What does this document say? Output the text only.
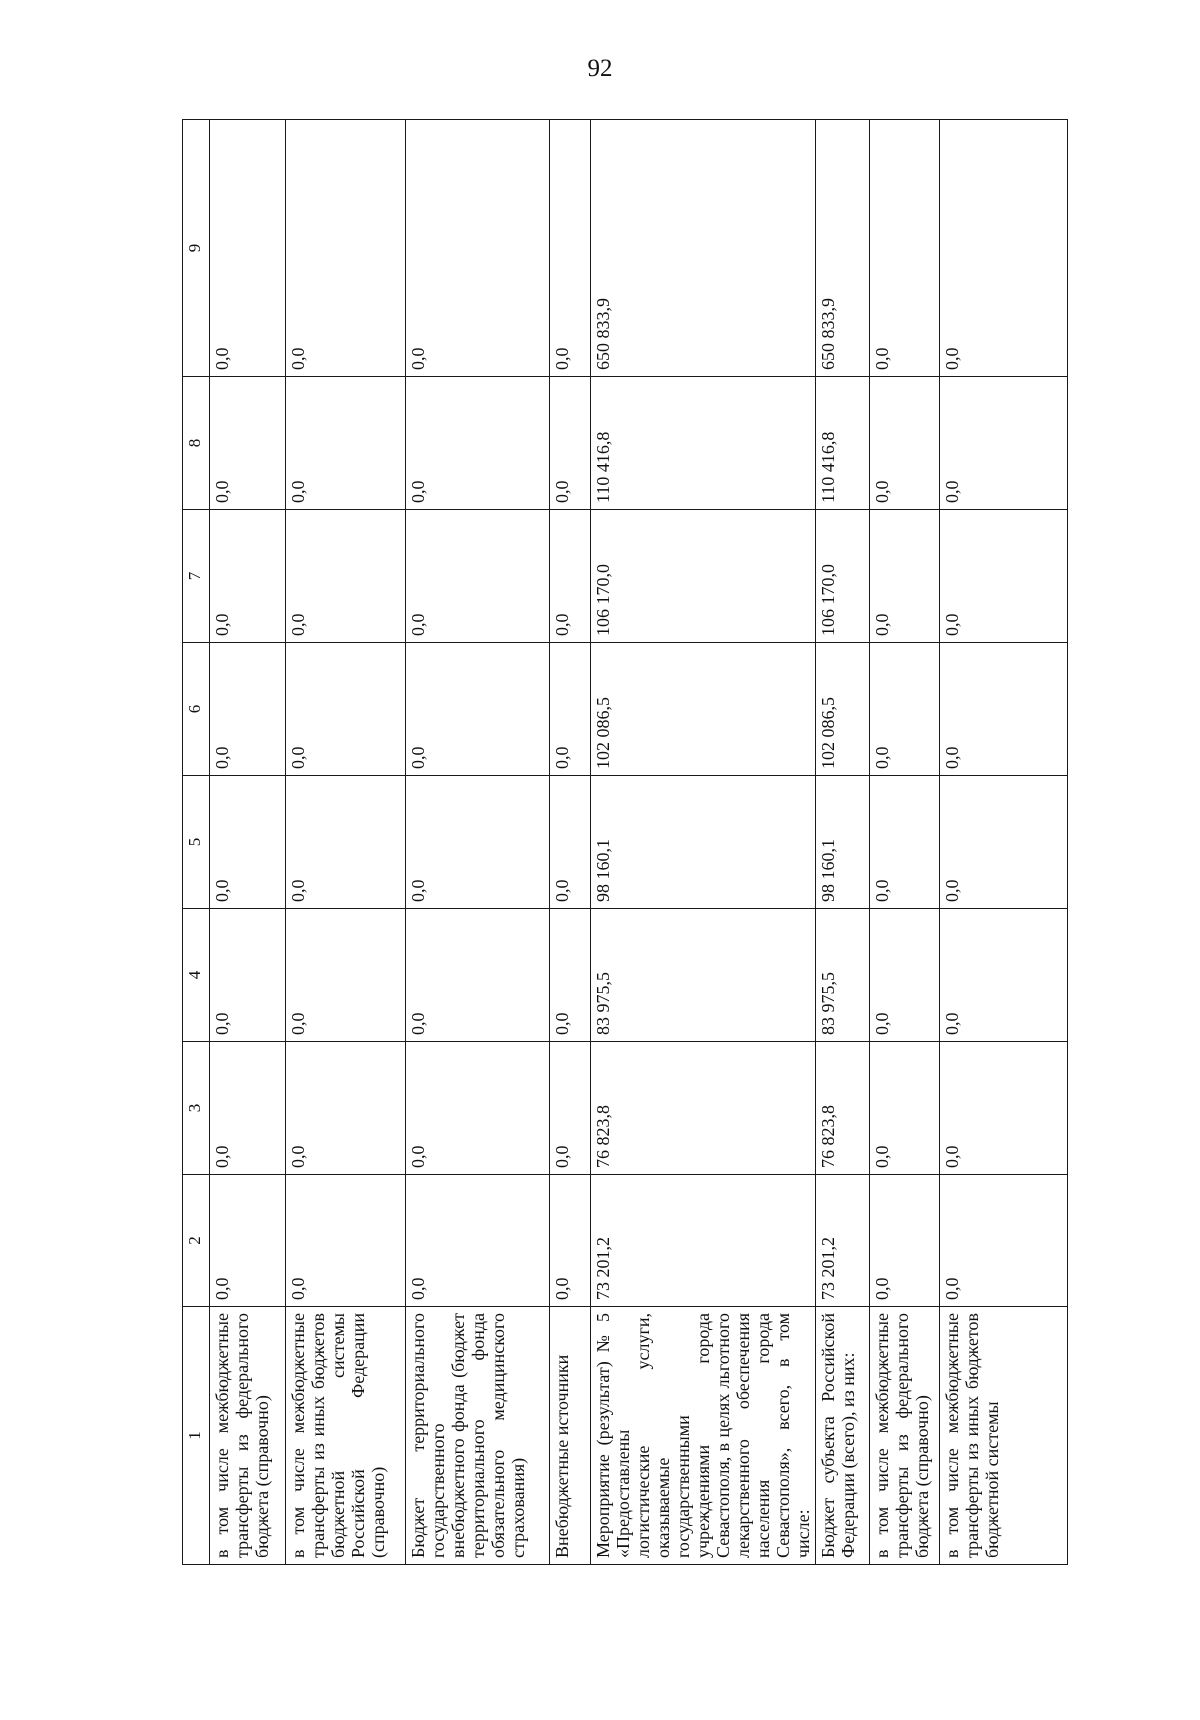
92
1	2	3	4	5	6	7	8	9
в том числе межбюджетные трансферты из федерального бюджета (справочно)	0,0	0,0	0,0	0,0	0,0	0,0	0,0	0,0
в том числе межбюджетные трансферты из иных бюджетов бюджетной системы Российской Федерации (справочно)	0,0	0,0	0,0	0,0	0,0	0,0	0,0	0,0
Бюджет территориального государственного внебюджетного фонда (бюджет территориального фонда обязательного медицинского страхования)	0,0	0,0	0,0	0,0	0,0	0,0	0,0	0,0
Внебюджетные источники	0,0	0,0	0,0	0,0	0,0	0,0	0,0	0,0
Мероприятие (результат) № 5 «Предоставлены логистические услуги, оказываемые государственными учреждениями города Севастополя, в целях льготного лекарственного обеспечения населения города Севастополя», всего, в том числе:	73 201,2	76 823,8	83 975,5	98 160,1	102 086,5	106 170,0	110 416,8	650 833,9
Бюджет субъекта Российской Федерации (всего), из них:	73 201,2	76 823,8	83 975,5	98 160,1	102 086,5	106 170,0	110 416,8	650 833,9
в том числе межбюджетные трансферты из федерального бюджета (справочно)	0,0	0,0	0,0	0,0	0,0	0,0	0,0	0,0
в том числе межбюджетные трансферты из иных бюджетов бюджетной системы	0,0	0,0	0,0	0,0	0,0	0,0	0,0	0,0
